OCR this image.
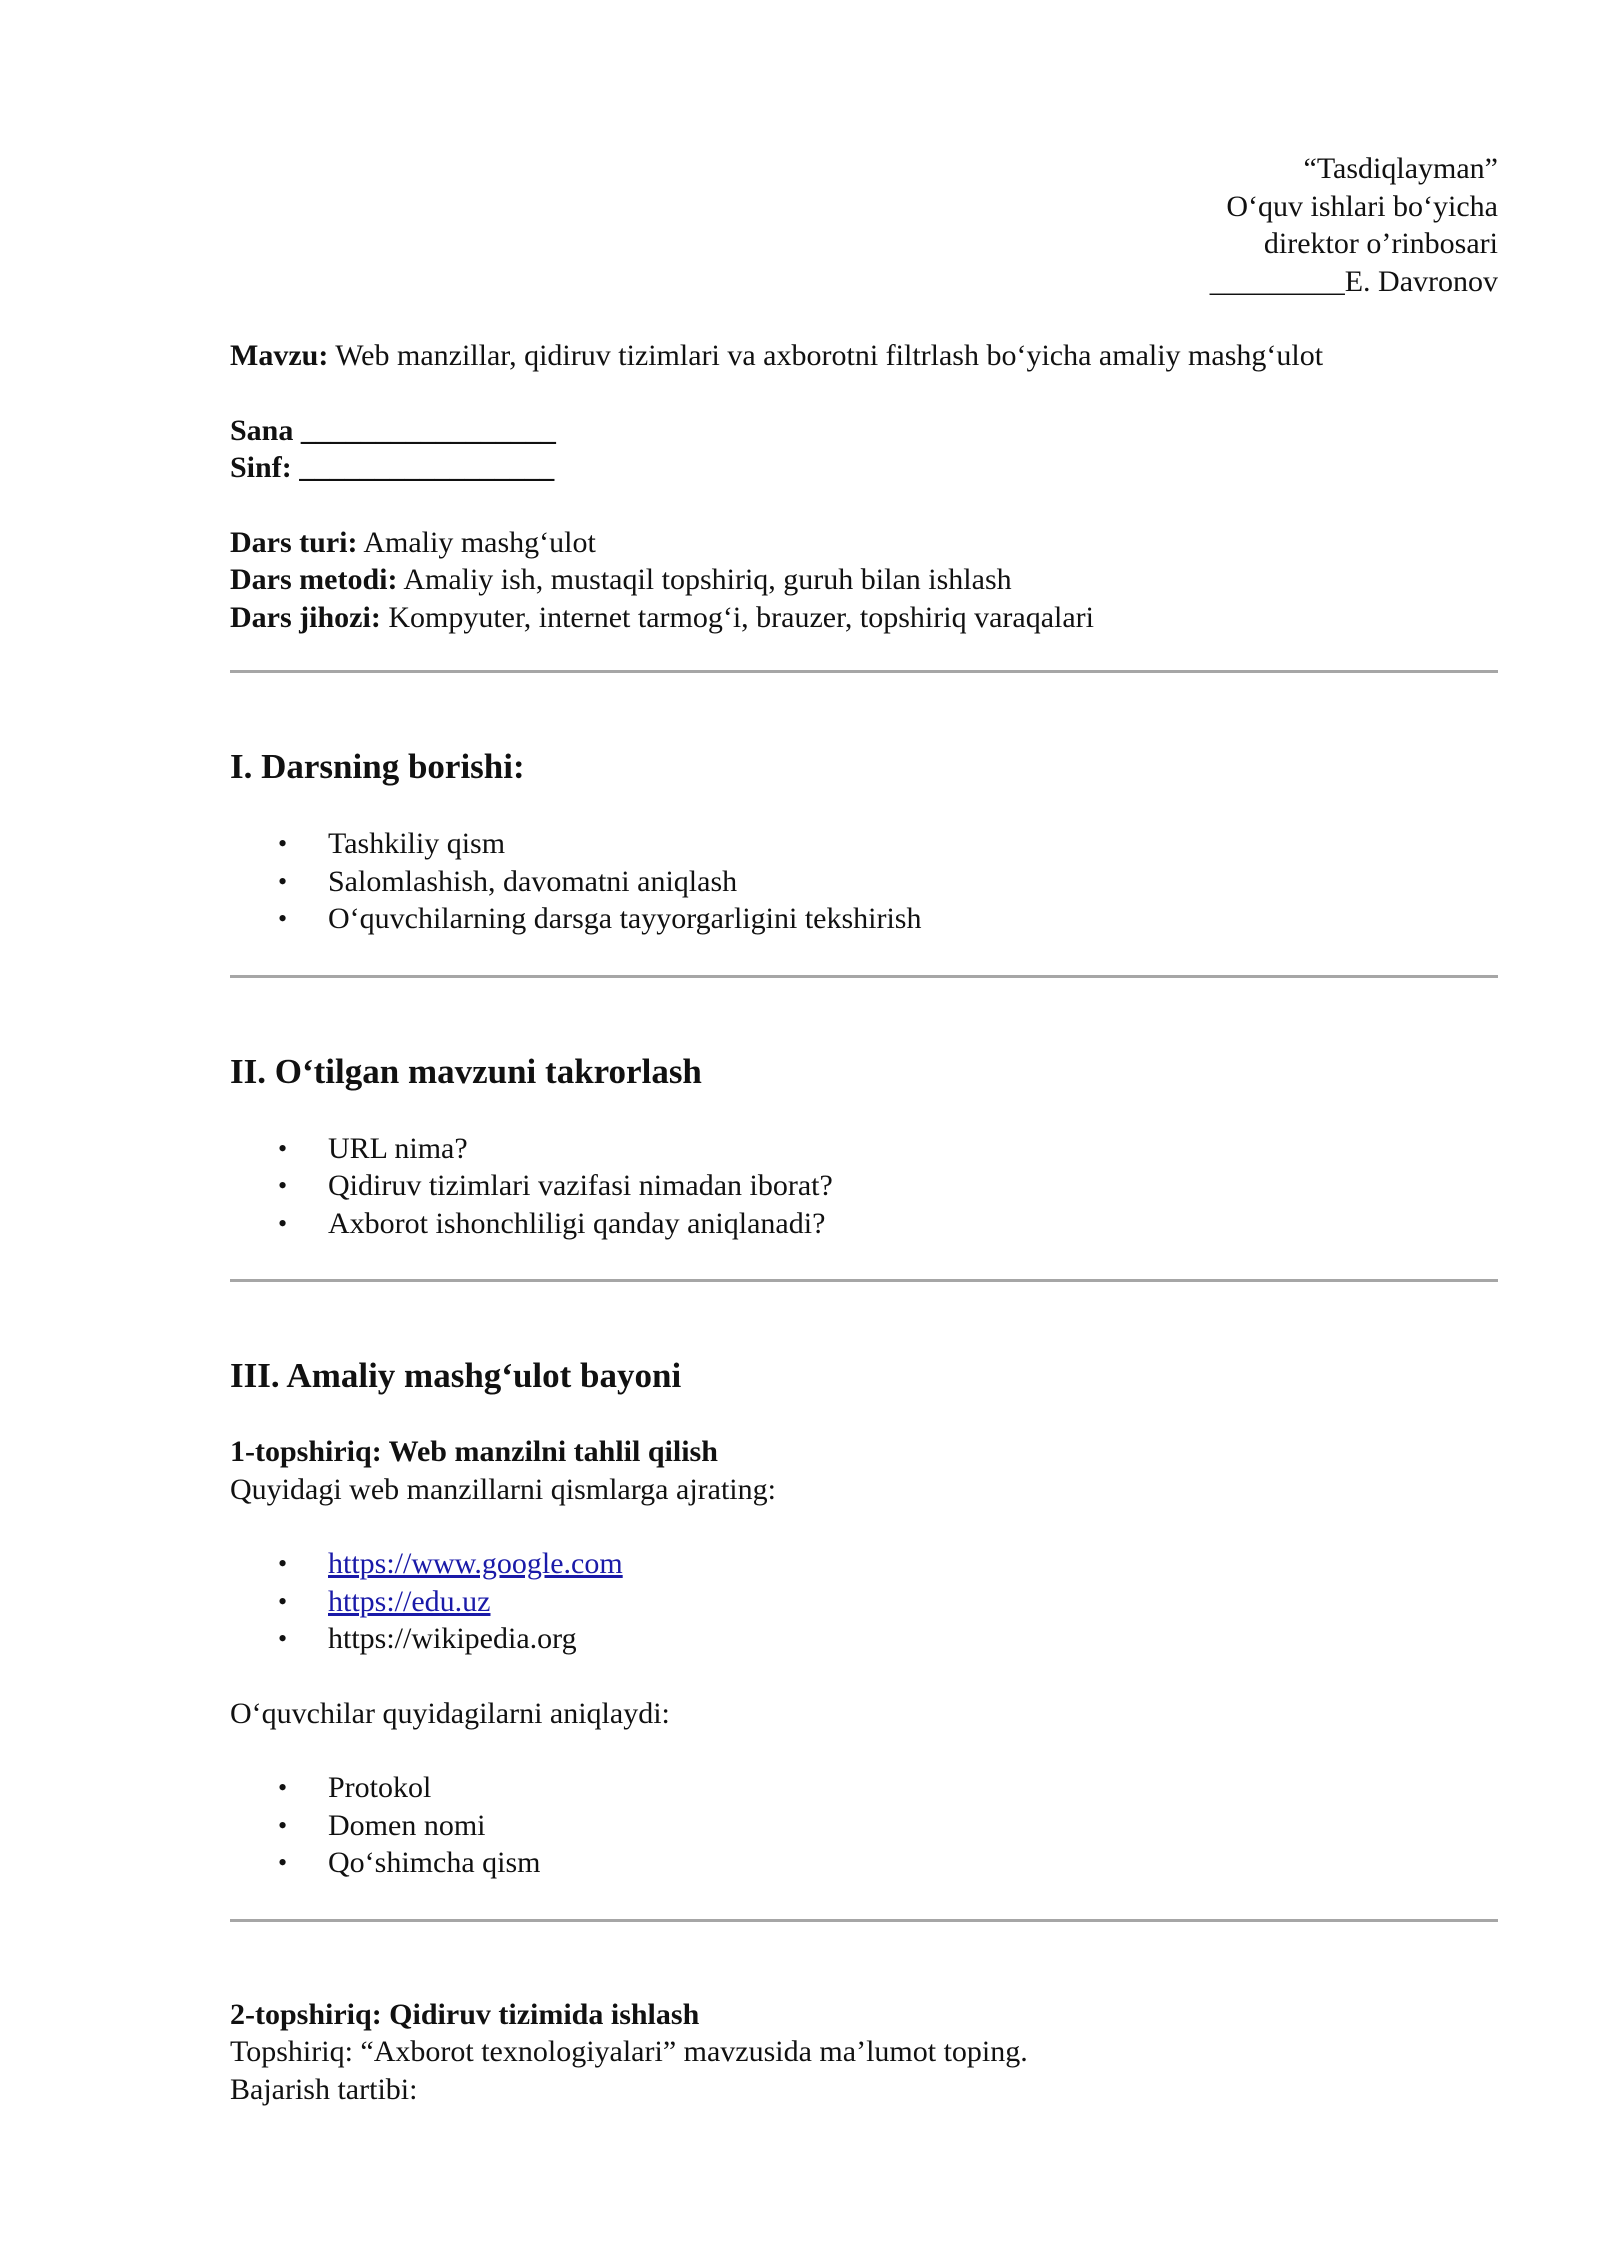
“Tasdiqlayman”
O‘quv ishlari bo‘yicha
direktor o’rinbosari
_________E. Davronov
Mavzu: Web manzillar, qidiruv tizimlari va axborotni filtrlash bo‘yicha amaliy mashg‘ulot
Sana _________________
Sinf: _________________
Dars turi: Amaliy mashg‘ulot
Dars metodi: Amaliy ish, mustaqil topshiriq, guruh bilan ishlash
Dars jihozi: Kompyuter, internet tarmog‘i, brauzer, topshiriq varaqalari
I. Darsning borishi:
• Tashkiliy qism
• Salomlashish, davomatni aniqlash
• O‘quvchilarning darsga tayyorgarligini tekshirish
II. O‘tilgan mavzuni takrorlash
• URL nima?
• Qidiruv tizimlari vazifasi nimadan iborat?
• Axborot ishonchliligi qanday aniqlanadi?
III. Amaliy mashg‘ulot bayoni
1-topshiriq: Web manzilni tahlil qilish
Quyidagi web manzillarni qismlarga ajrating:
• https://www.google.com
• https://edu.uz
• https://wikipedia.org
O‘quvchilar quyidagilarni aniqlaydi:
• Protokol
• Domen nomi
• Qo‘shimcha qism
2-topshiriq: Qidiruv tizimida ishlash
Topshiriq: “Axborot texnologiyalari” mavzusida ma’lumot toping.
Bajarish tartibi:
